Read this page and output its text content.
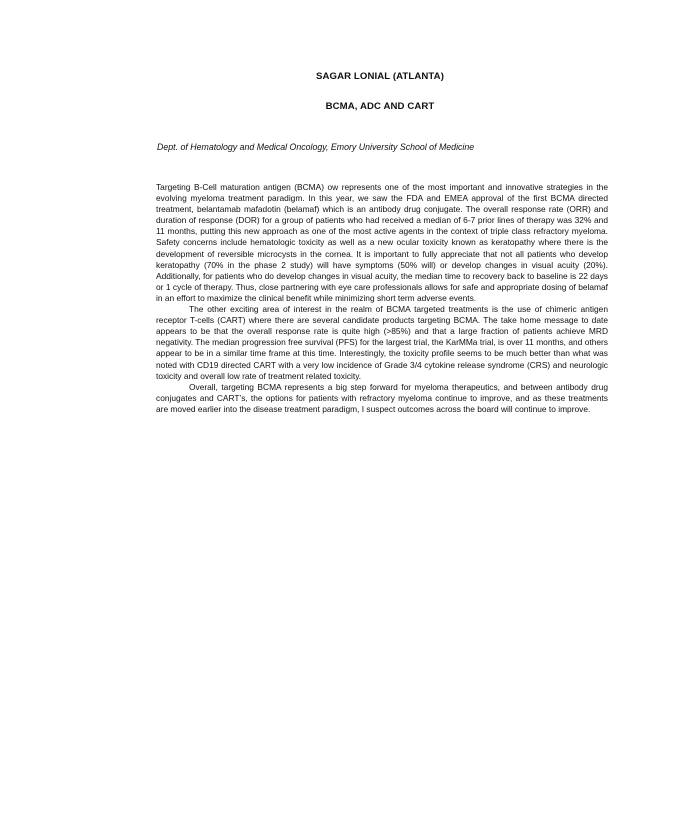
SAGAR LONIAL (ATLANTA)
BCMA, ADC AND CART
Dept. of Hematology and Medical Oncology, Emory University School of Medicine

Targeting B-Cell maturation antigen (BCMA) ow represents one of the most important and innovative strategies in the evolving myeloma treatment paradigm. In this year, we saw the FDA and EMEA approval of the first BCMA directed treatment, belantamab mafadotin (belamaf) which is an antibody drug conjugate. The overall response rate (ORR) and duration of response (DOR) for a group of patients who had received a median of 6-7 prior lines of therapy was 32% and 11 months, putting this new approach as one of the most active agents in the context of triple class refractory myeloma. Safety concerns include hematologic toxicity as well as a new ocular toxicity known as keratopathy where there is the development of reversible microcysts in the cornea. It is important to fully appreciate that not all patients who develop keratopathy (70% in the phase 2 study) will have symptoms (50% will) or develop changes in visual acuity (20%). Additionally, for patients who do develop changes in visual acuity, the median time to recovery back to baseline is 22 days or 1 cycle of therapy. Thus, close partnering with eye care professionals allows for safe and appropriate dosing of belamaf in an effort to maximize the clinical benefit while minimizing short term adverse events.

The other exciting area of interest in the realm of BCMA targeted treatments is the use of chimeric antigen receptor T-cells (CART) where there are several candidate products targeting BCMA. The take home message to date appears to be that the overall response rate is quite high (>85%) and that a large fraction of patients achieve MRD negativity. The median progression free survival (PFS) for the largest trial, the KarMMa trial, is over 11 months, and others appear to be in a similar time frame at this time. Interestingly, the toxicity profile seems to be much better than what was noted with CD19 directed CART with a very low incidence of Grade 3/4 cytokine release syndrome (CRS) and neurologic toxicity and overall low rate of treatment related toxicity.

Overall, targeting BCMA represents a big step forward for myeloma therapeutics, and between antibody drug conjugates and CART’s, the options for patients with refractory myeloma continue to improve, and as these treatments are moved earlier into the disease treatment paradigm, I suspect outcomes across the board will continue to improve.
